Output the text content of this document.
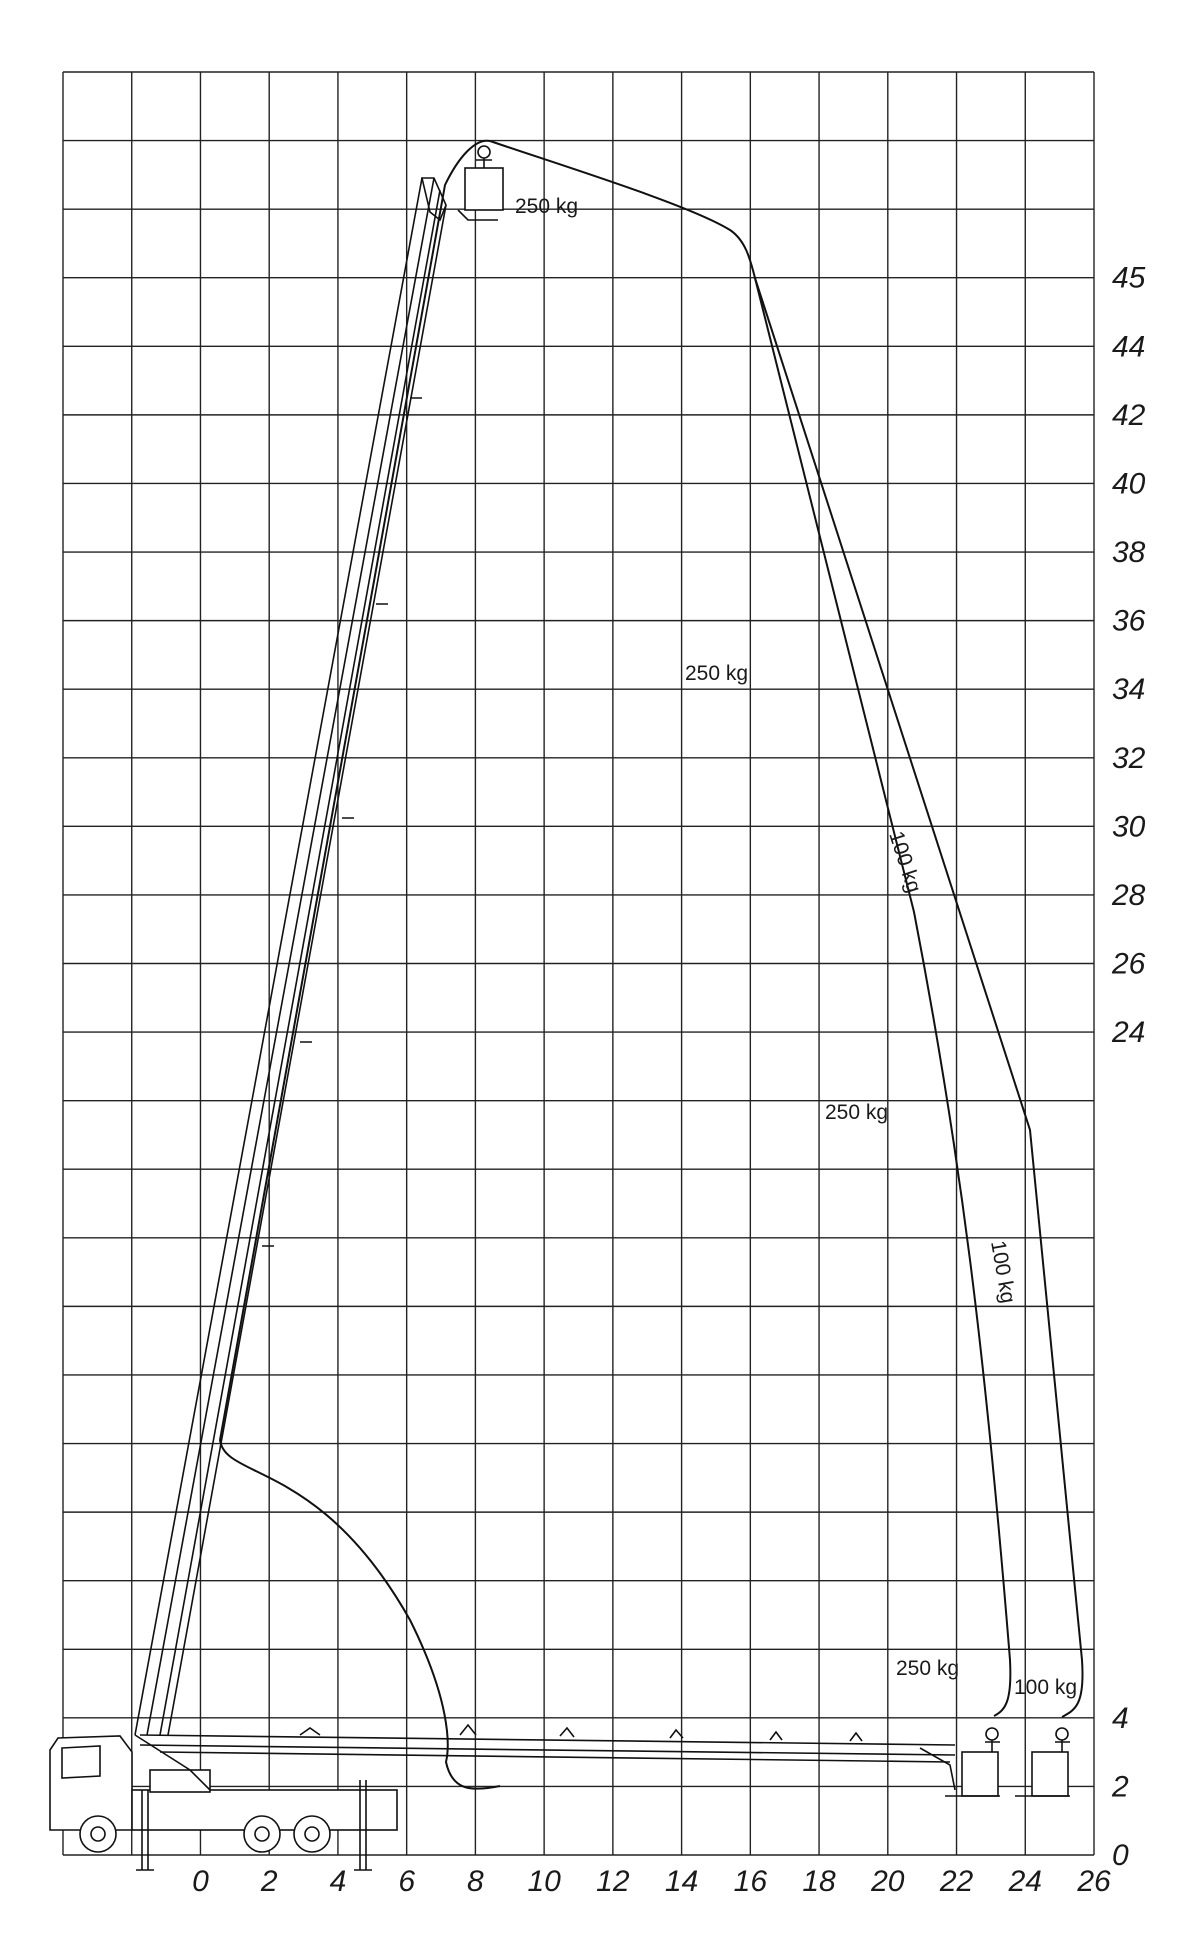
250 kg
250 kg
100 kg
250 kg
100 kg
250 kg
100 kg
0 2 4 6 8 10 12 14 16 18 20 22 24 26
0
2
4
24
26
28
30
32
34
36
38
40
42
44
45
